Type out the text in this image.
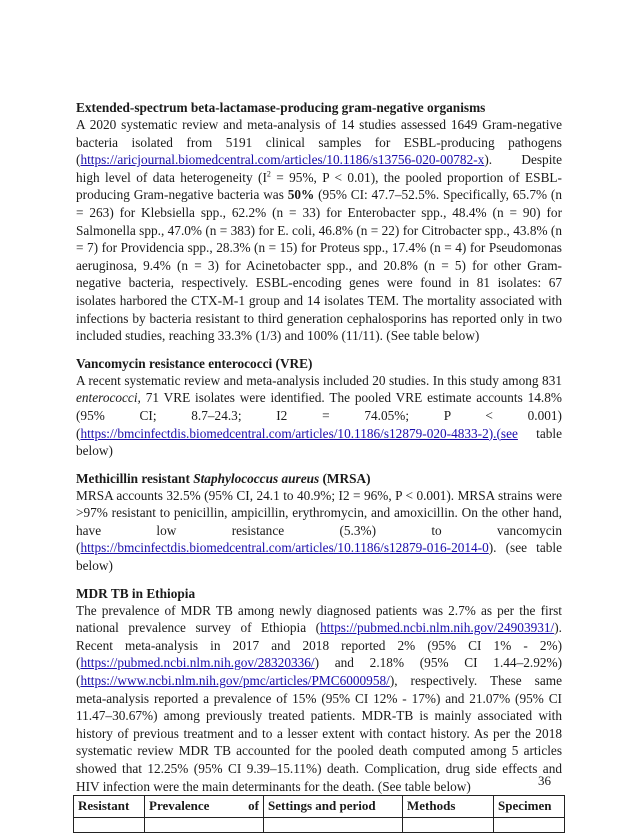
Extended-spectrum beta-lactamase-producing gram-negative organisms

A 2020 systematic review and meta-analysis of 14 studies assessed 1649 Gram-negative bacteria isolated from 5191 clinical samples for ESBL-producing pathogens (https://aricjournal.biomedcentral.com/articles/10.1186/s13756-020-00782-x). Despite high level of data heterogeneity ($I^2 = 95\%$, P < 0.01), the pooled proportion of ESBL-producing Gram-negative bacteria was 50% (95% CI: 47.7–52.5%. Specifically, 65.7% (n = 263) for Klebsiella spp., 62.2% (n = 33) for Enterobacter spp., 48.4% (n = 90) for Salmonella spp., 47.0% (n = 383) for E. coli, 46.8% (n = 22) for Citrobacter spp., 43.8% (n = 7) for Providencia spp., 28.3% (n = 15) for Proteus spp., 17.4% (n = 4) for Pseudomonas aeruginosa, 9.4% (n = 3) for Acinetobacter spp., and 20.8% (n = 5) for other Gram-negative bacteria, respectively. ESBL-encoding genes were found in 81 isolates: 67 isolates harbored the CTX-M-1 group and 14 isolates TEM. The mortality associated with infections by bacteria resistant to third generation cephalosporins has reported only in two included studies, reaching 33.3% (1/3) and 100% (11/11). (See table below)

Vancomycin resistance enterococci (VRE)

A recent systematic review and meta-analysis included 20 studies. In this study among 831 enterococci, 71 VRE isolates were identified. The pooled VRE estimate accounts 14.8% (95% CI; 8.7–24.3; I2 = 74.05%; P < 0.001) (https://bmcinfectdis.biomedcentral.com/articles/10.1186/s12879-020-4833-2).(see table below)

Methicillin resistant Staphylococcus aureus (MRSA)

MRSA accounts 32.5% (95% CI, 24.1 to 40.9%; I2 = 96%, P < 0.001). MRSA strains were >97% resistant to penicillin, ampicillin, erythromycin, and amoxicillin. On the other hand, have low resistance (5.3%) to vancomycin (https://bmcinfectdis.biomedcentral.com/articles/10.1186/s12879-016-2014-0). (see table below)

MDR TB in Ethiopia

The prevalence of MDR TB among newly diagnosed patients was 2.7% as per the first national prevalence survey of Ethiopia (https://pubmed.ncbi.nlm.nih.gov/24903931/). Recent meta-analysis in 2017 and 2018 reported 2% (95% CI 1% - 2%) (https://pubmed.ncbi.nlm.nih.gov/28320336/) and 2.18% (95% CI 1.44–2.92%) (https://www.ncbi.nlm.nih.gov/pmc/articles/PMC6000958/), respectively. These same meta-analysis reported a prevalence of 15% (95% CI 12% - 17%) and 21.07% (95% CI 11.47–30.67%) among previously treated patients. MDR-TB is mainly associated with history of previous treatment and to a lesser extent with contact history. As per the 2018 systematic review MDR TB accounted for the pooled death computed among 5 articles showed that 12.25% (95% CI 9.39–15.11%) death. Complication, drug side effects and HIV infection were the main determinants for the death. (See table below)

Resistant	Prevalence of	Settings and period	Methods	Specimen

36
